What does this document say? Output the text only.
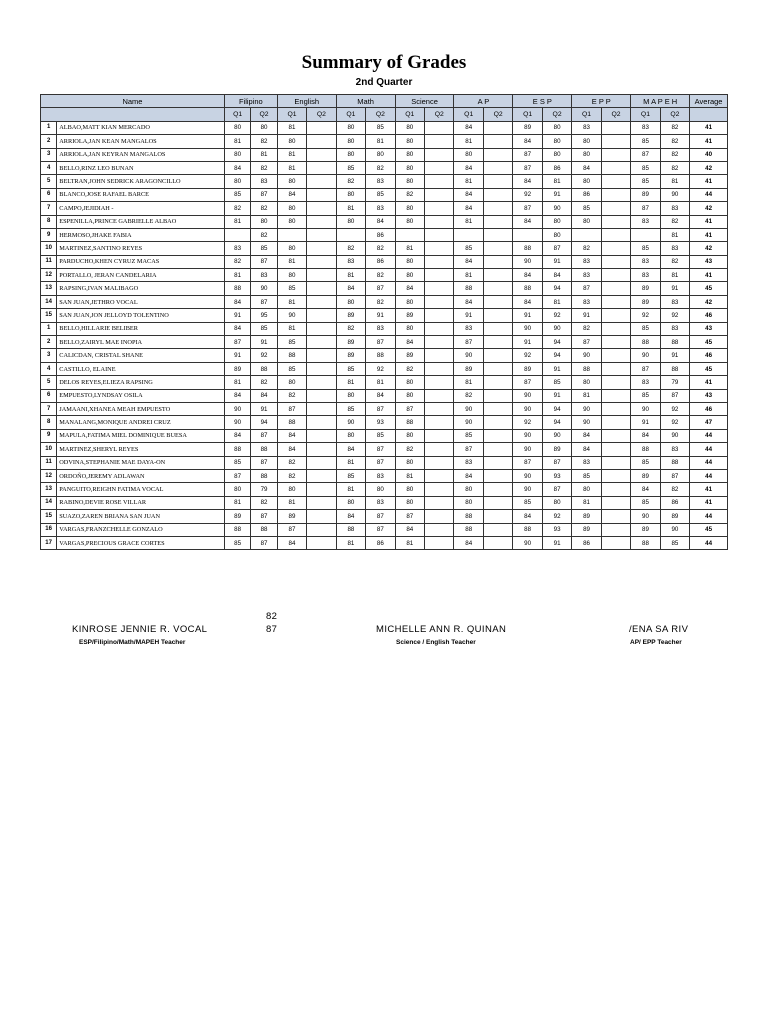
Summary of Grades
2nd Quarter
Name		Filipino		English		Math		Science		A P		E S P		E P P		M A P E H		Average
		Q1	Q2	Q1	Q2	Q1	Q2	Q1	Q2	Q1	Q2	Q1	Q2	Q1	Q2	Q1	Q2	
1	ALBAO,MATT KIAN MERCADO	80	80	81		80	85	80		84		89	80	83		83	82	41
2	ARRIOLA,JAN KEAN MANGALOS	81	82	80		80	81	80		81		84	80	80		85	82	41
3	ARRIOLA,JAN KEYRAN MANGALOS	80	81	81		80	80	80		80		87	80	80		87	82	40
4	BELLO,RINZ LEO BUNAN	84	82	81		85	82	80		84		87	86	84		85	82	42
5	BELTRAN,JOHN SEDRICK ARAGONCILLO	80	83	80		82	83	80		81		84	81	80		85	81	41
6	BLANCO,JOSE RAFAEL BARCE	85	87	84		80	85	82		84		92	91	86		89	90	44
7	CAMPO,JEJIDIAH -	82	82	80		81	83	80		84		87	90	85		87	83	42
8	ESPENILLA,PRINCE GABRIELLE ALBAO	81	80	80		80	84	80		81		84	80	80		83	82	41
9	HERMOSO,JHAKE FABIA		82				86						80				81	41
10	MARTINEZ,SANTINO REYES	83	85	80		82	82	81		85		88	87	82		85	83	42
11	PARDUCHO,KHEN CYRUZ MACAS	82	87	81		83	86	80		84		90	91	83		83	82	43
12	PORTALLO, JERAN CANDELARIA	81	83	80		81	82	80		81		84	84	83		83	81	41
13	RAPSING,IVAN MALIBAGO	88	90	85		84	87	84		88		88	94	87		89	91	45
14	SAN JUAN,JETHRO VOCAL	84	87	81		80	82	80		84		84	81	83		89	83	42
15	SAN JUAN,JON JELLOYD TOLENTINO	91	95	90		89	91	89		91		91	92	91		92	92	46
1	BELLO,HILLARIE BELIBER	84	85	81		82	83	80		83		90	90	82		85	83	43
2	BELLO,ZAIRYL MAE INOPIA	87	91	85		89	87	84		87		91	94	87		88	88	45
3	CALICDAN, CRISTAL SHANE	91	92	88		89	88	89		90		92	94	90		90	91	46
4	CASTILLO, ELAINE	89	88	85		85	92	82		89		89	91	88		87	88	45
5	DELOS REYES,ELIEZA RAPSING	81	82	80		81	81	80		81		87	85	80		83	79	41
6	EMPUESTO,LYNDSAY OSILA	84	84	82		80	84	80		82		90	91	81		85	87	43
7	JAMAANI,XHANEA MEAH EMPUESTO	90	91	87		85	87	87		90		90	94	90		90	92	46
8	MANALANG,MONIQUE ANDREI CRUZ	90	94	88		90	93	88		90		92	94	90		91	92	47
9	MAPULA,FATIMA MIEL DOMINIQUE BUESA	84	87	84		80	85	80		85		90	90	84		84	90	44
10	MARTINEZ,SHERYL REYES	88	88	84		84	87	82		87		90	89	84		88	83	44
11	ODVINA,STEPHANIE MAE DAYA-ON	85	87	82		81	87	80		83		87	87	83		85	88	44
12	ORDOÑO,JEREMY ADLAWAN	87	88	82		85	83	81		84		90	93	85		89	87	44
13	PANGUITO,REIGHN FATIMA VOCAL	80	79	80		81	80	80		80		90	87	80		84	82	41
14	RABINO,DEVIE ROSE VILLAR	81	82	81		80	83	80		80		85	80	81		85	86	41
15	SUAZO,ZAREN BRIANA SAN JUAN	89	87	89		84	87	87		88		84	92	89		90	89	44
16	VARGAS,FRANZCHELLE GONZALO	88	88	87		88	87	84		88		88	93	89		89	90	45
17	VARGAS,PRECIOUS GRACE CORTES	85	87	84		81	86	81		84		90	91	86		88	85	44
82
87
KINROSE JENNIE R. VOCAL
ESP/Filipino/Math/MAPEH Teacher
MICHELLE ANN R. QUINAN
Science / English Teacher
/ENA SA RIV
AP/ EPP Teacher
